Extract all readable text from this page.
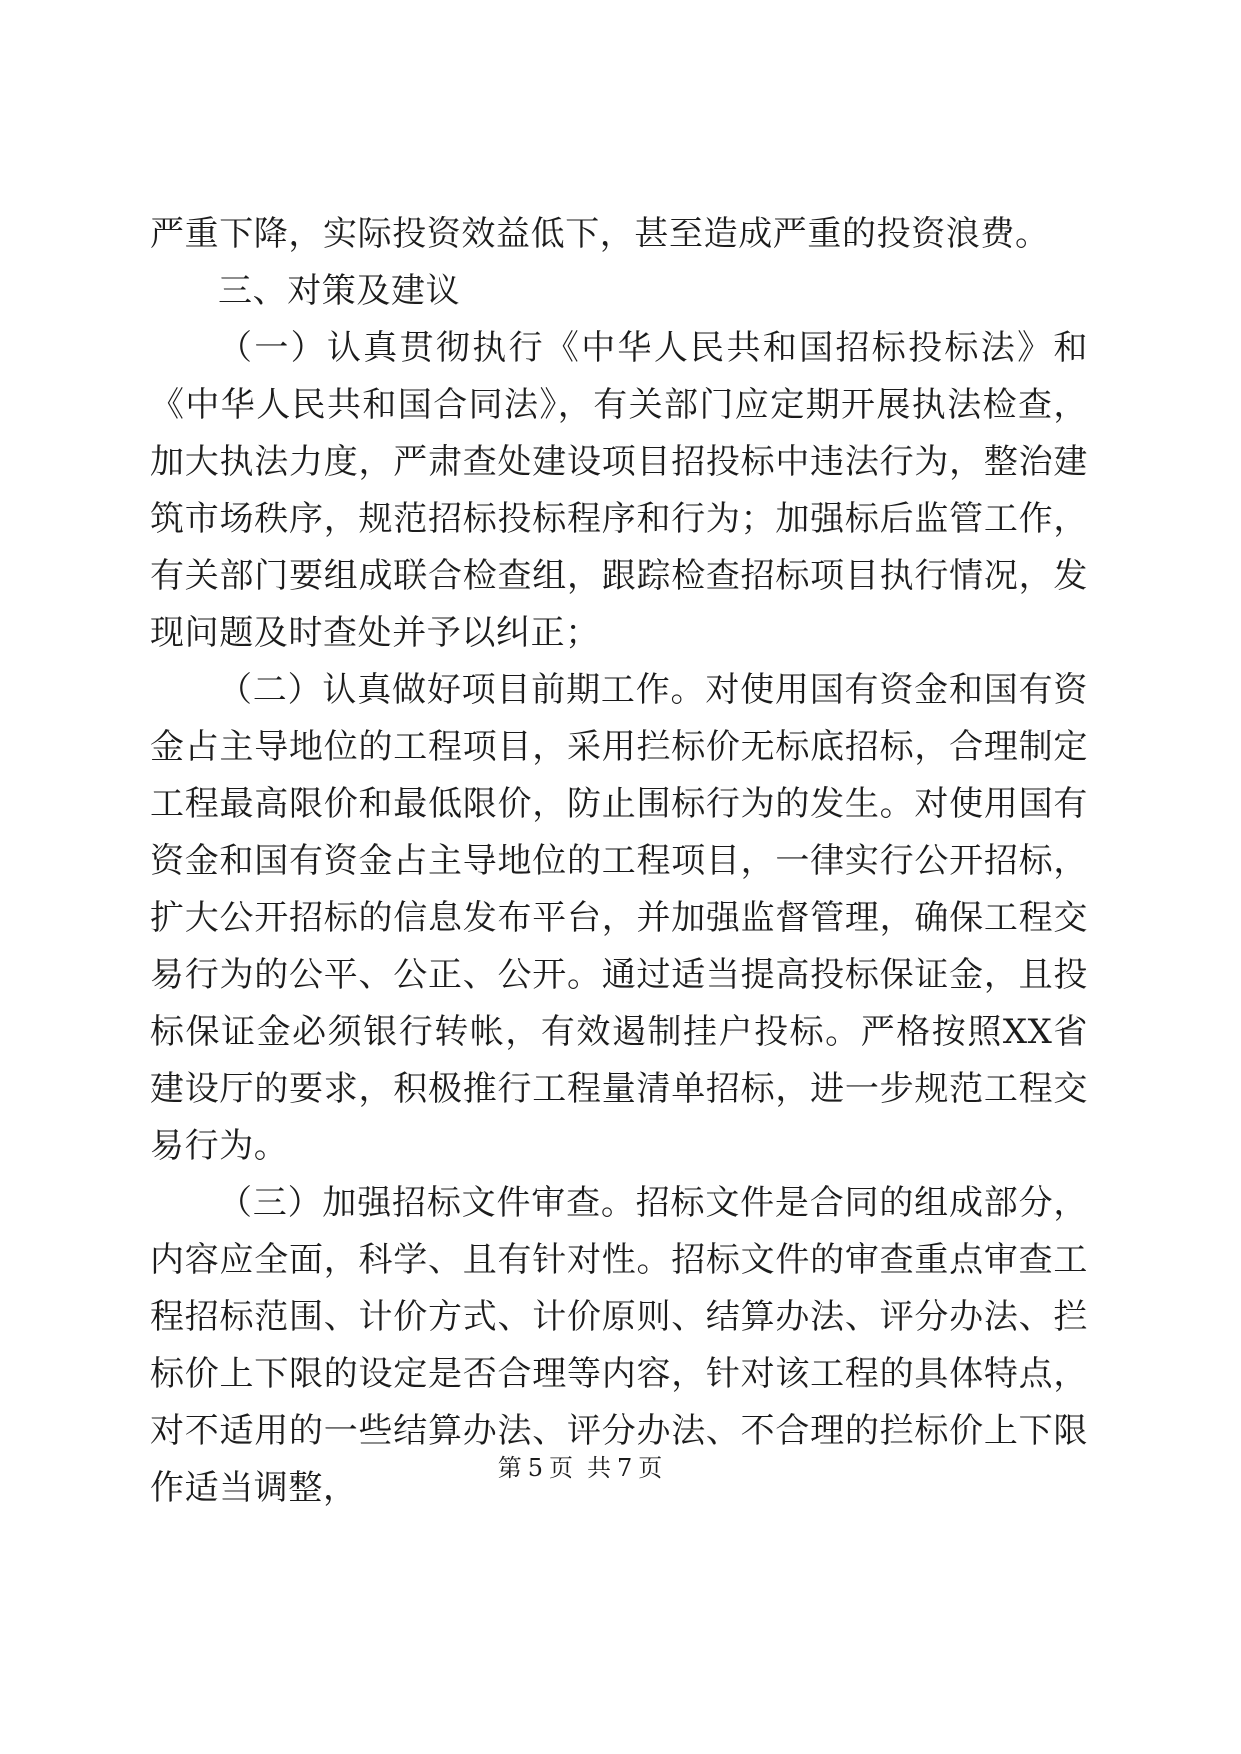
严重下降，实际投资效益低下，甚至造成严重的投资浪费。

三、对策及建议

（一）认真贯彻执行《中华人民共和国招标投标法》和《中华人民共和国合同法》，有关部门应定期开展执法检查，加大执法力度，严肃查处建设项目招投标中违法行为，整治建筑市场秩序，规范招标投标程序和行为；加强标后监管工作，有关部门要组成联合检查组，跟踪检查招标项目执行情况，发现问题及时查处并予以纠正；

（二）认真做好项目前期工作。对使用国有资金和国有资金占主导地位的工程项目，采用拦标价无标底招标，合理制定工程最高限价和最低限价，防止围标行为的发生。对使用国有资金和国有资金占主导地位的工程项目，一律实行公开招标，扩大公开招标的信息发布平台，并加强监督管理，确保工程交易行为的公平、公正、公开。通过适当提高投标保证金，且投标保证金必须银行转帐，有效遏制挂户投标。严格按照XX省建设厅的要求，积极推行工程量清单招标，进一步规范工程交易行为。

（三）加强招标文件审查。招标文件是合同的组成部分，内容应全面，科学、且有针对性。招标文件的审查重点审查工程招标范围、计价方式、计价原则、结算办法、评分办法、拦标价上下限的设定是否合理等内容，针对该工程的具体特点，对不适用的一些结算办法、评分办法、不合理的拦标价上下限作适当调整，	第 5 页 共 7 页
